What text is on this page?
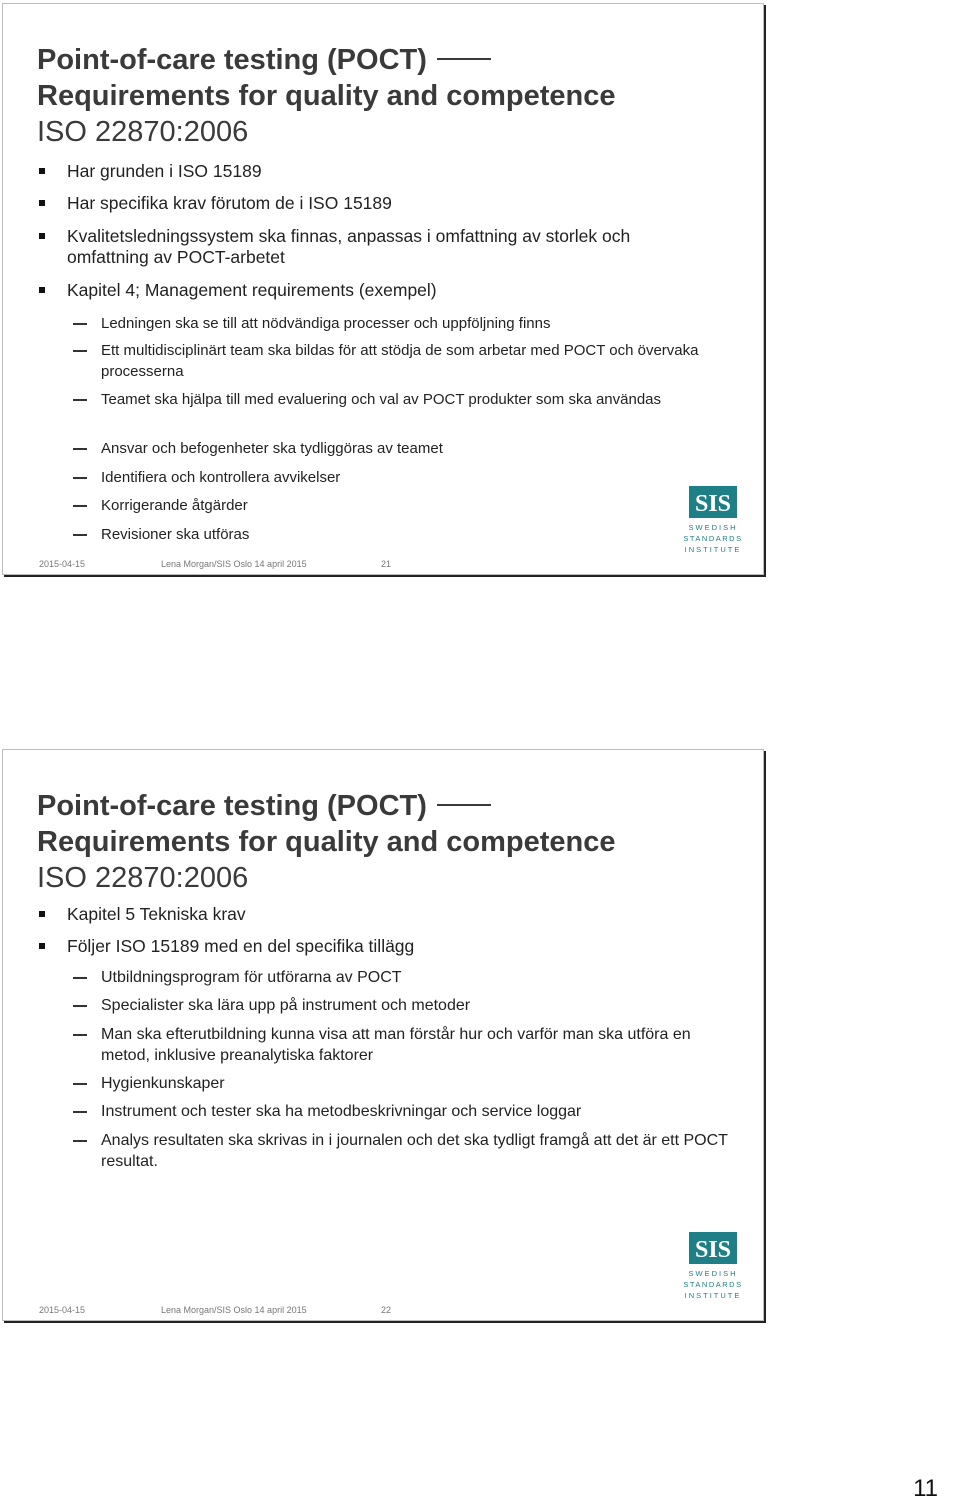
Point-of-care testing (POCT)
Requirements for quality and competence
ISO 22870:2006
Har grunden i ISO 15189
Har specifika krav förutom de i ISO 15189
Kvalitetsledningssystem ska finnas, anpassas i omfattning av storlek och omfattning av POCT-arbetet
Kapitel 4; Management requirements (exempel)
Ledningen ska se till att nödvändiga processer och uppföljning finns
Ett multidisciplinärt team ska bildas för att stödja de som arbetar med POCT och övervaka processerna
Teamet ska hjälpa till med evaluering och val av POCT produkter som ska användas
Ansvar och befogenheter ska tydliggöras av teamet
Identifiera och kontrollera avvikelser
Korrigerande åtgärder
Revisioner ska utföras
SIS
SWEDISH
STANDARDS
INSTITUTE
2015-04-15	Lena Morgan/SIS Oslo 14 april 2015	21
Point-of-care testing (POCT)
Requirements for quality and competence
ISO 22870:2006
Kapitel 5 Tekniska krav
Följer ISO 15189 med en del specifika tillägg
Utbildningsprogram för utförarna av POCT
Specialister ska lära upp på instrument och metoder
Man ska efterutbildning kunna visa att man förstår hur och varför man ska utföra en metod, inklusive preanalytiska faktorer
Hygienkunskaper
Instrument och tester ska ha metodbeskrivningar och service loggar
Analys resultaten ska skrivas in i journalen och det ska tydligt framgå att det är ett POCT resultat.
SIS
SWEDISH
STANDARDS
INSTITUTE
2015-04-15	Lena Morgan/SIS Oslo 14 april 2015	22
11
